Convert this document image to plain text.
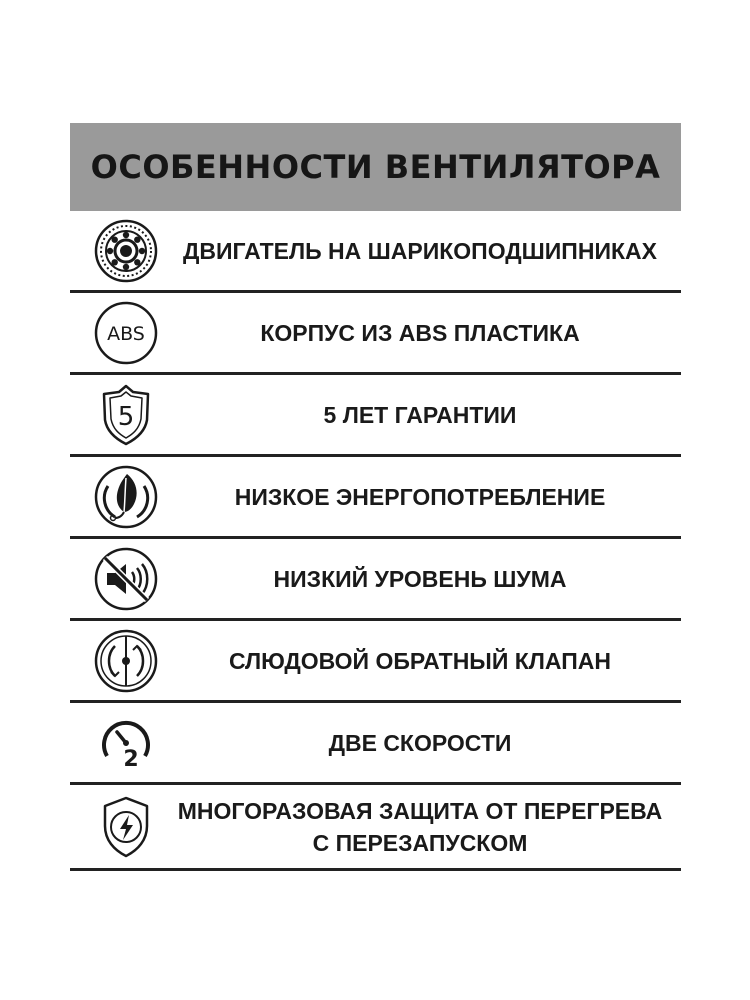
ОСОБЕННОСТИ ВЕНТИЛЯТОРА
ДВИГАТЕЛЬ НА ШАРИКОПОДШИПНИКАХ
ABS	КОРПУС ИЗ ABS ПЛАСТИКА
5	5 ЛЕТ ГАРАНТИИ
НИЗКОЕ ЭНЕРГОПОТРЕБЛЕНИЕ
НИЗКИЙ УРОВЕНЬ ШУМА
СЛЮДОВОЙ ОБРАТНЫЙ КЛАПАН
2
ДВЕ СКОРОСТИ
МНОГОРАЗОВАЯ ЗАЩИТА ОТ ПЕРЕГРЕВА
С ПЕРЕЗАПУСКОМ
